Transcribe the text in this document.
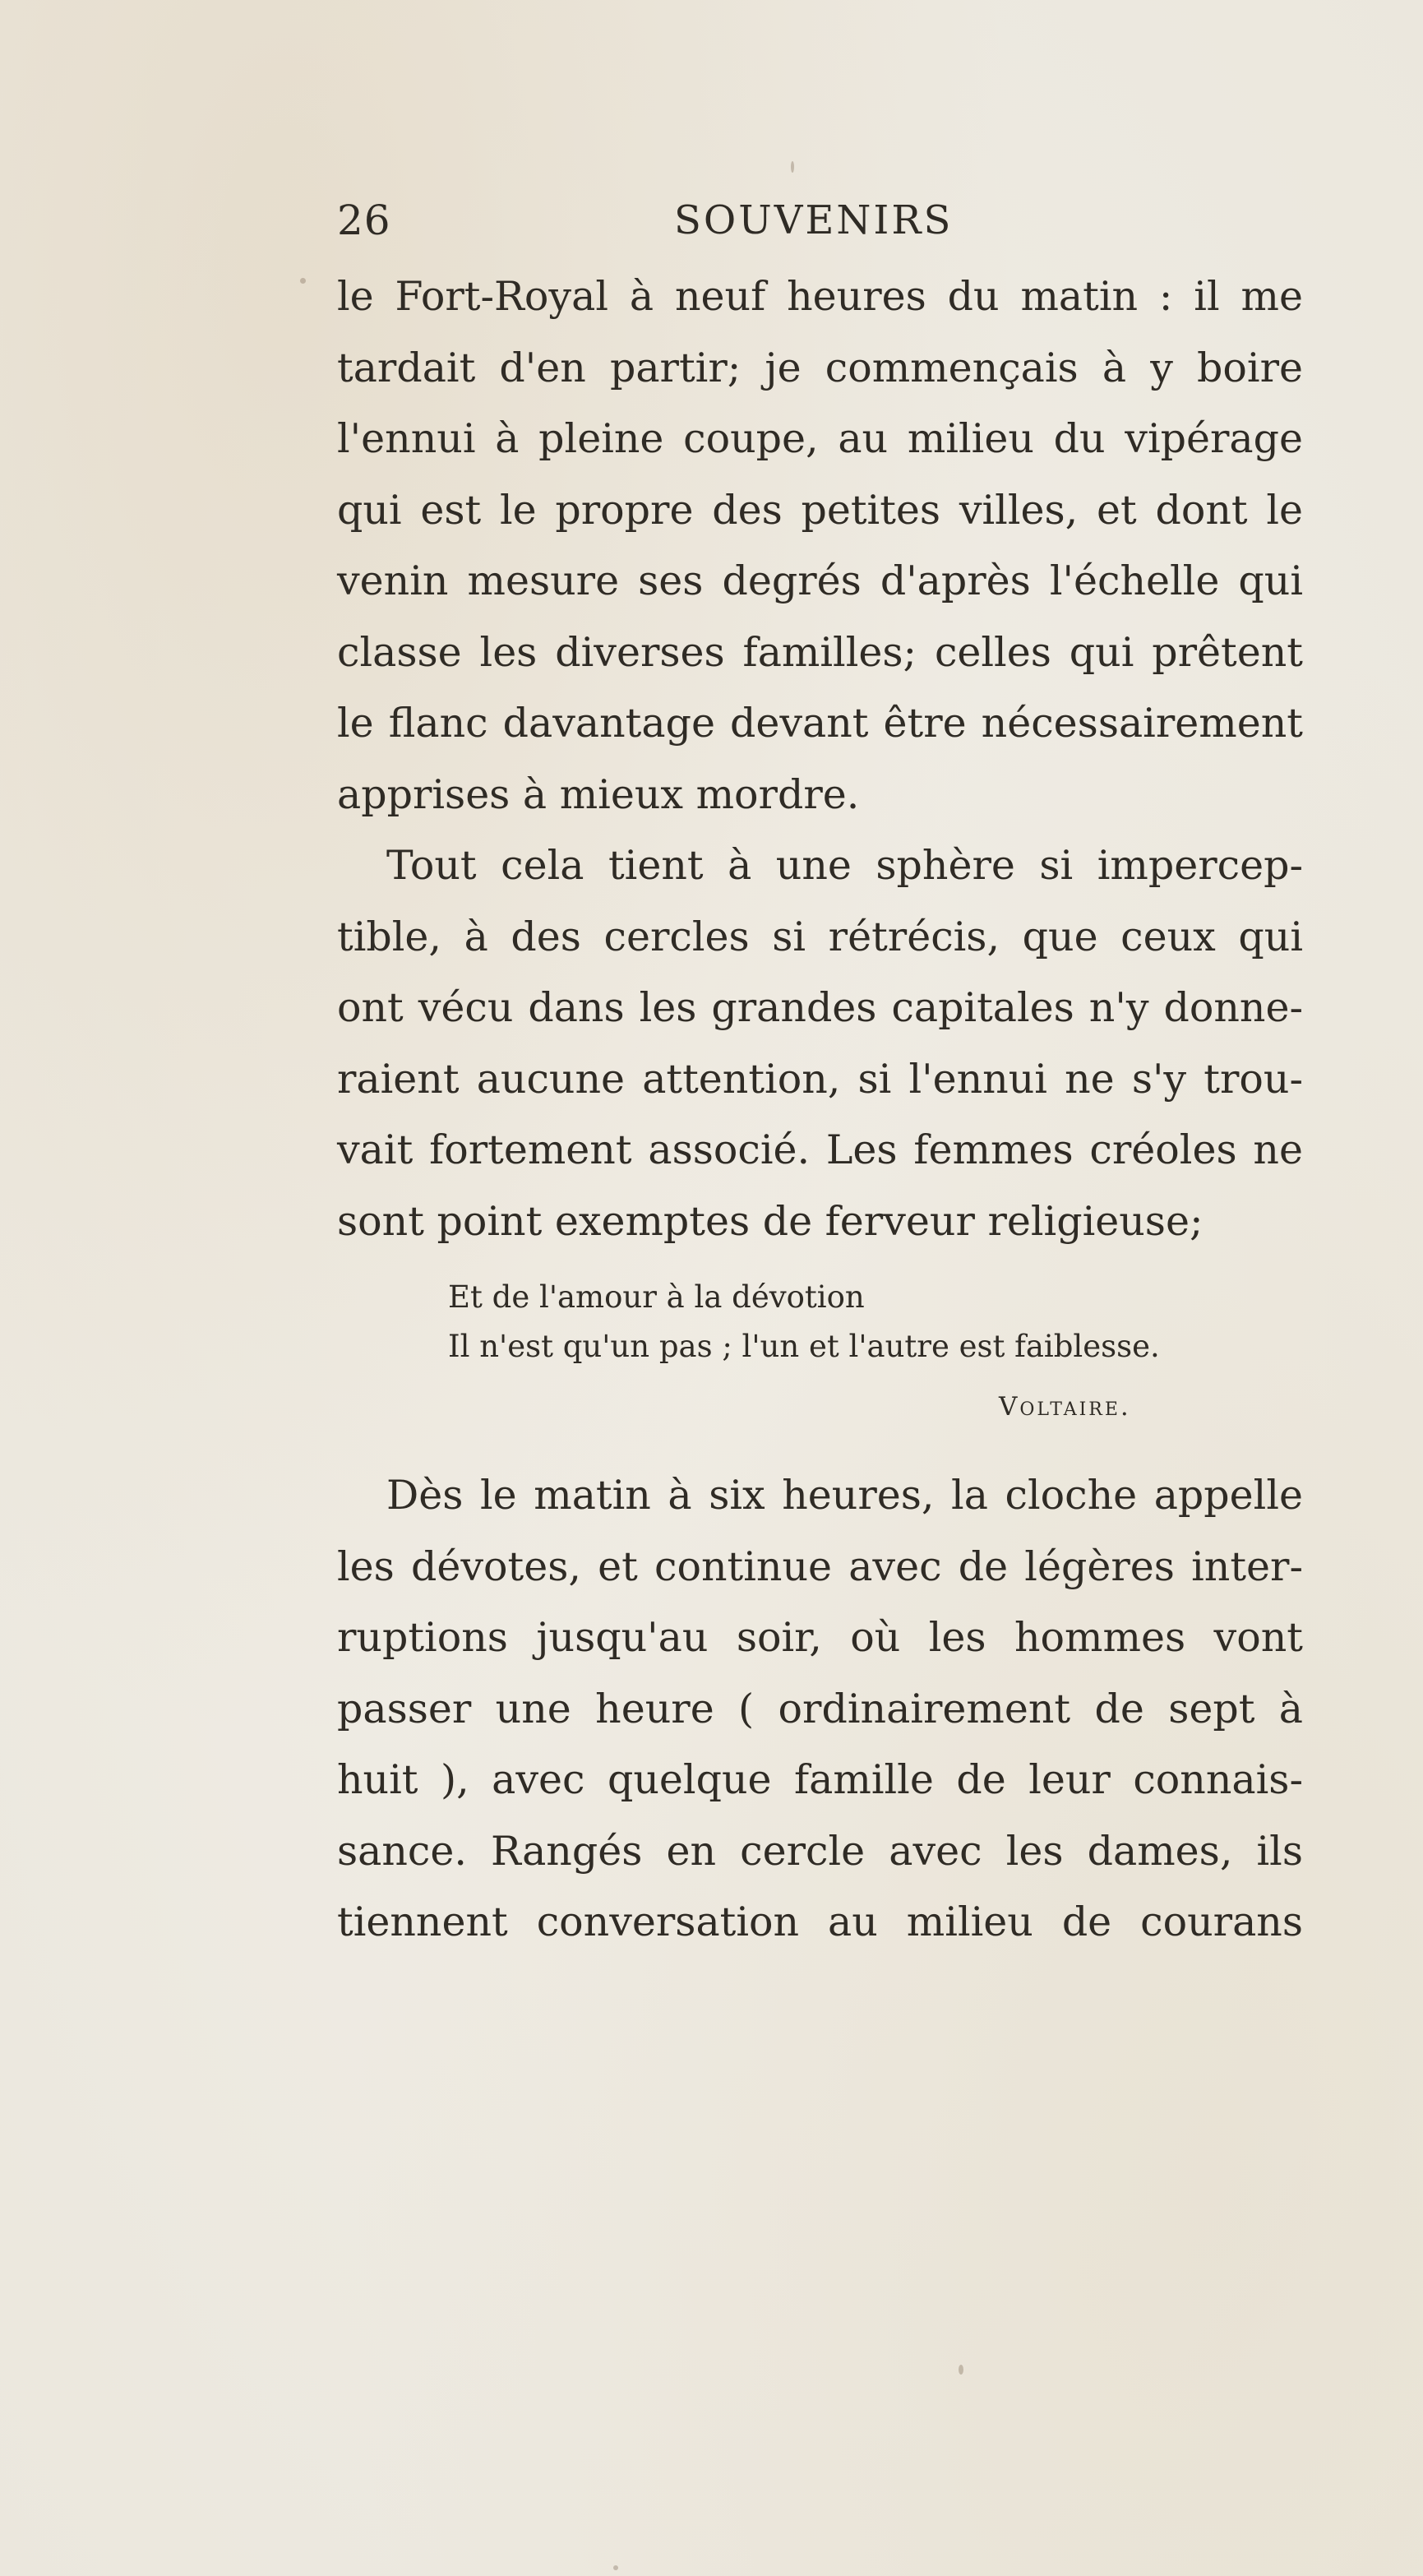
26	SOUVENIRS
le Fort-Royal à neuf heures du matin : il me
tardait d'en partir; je commençais à y boire
l'ennui à pleine coupe, au milieu du vipérage
qui est le propre des petites villes, et dont le
venin mesure ses degrés d'après l'échelle qui
classe les diverses familles; celles qui prêtent
le flanc davantage devant être nécessairement
apprises à mieux mordre.
Tout cela tient à une sphère si impercep-
tible, à des cercles si rétrécis, que ceux qui
ont vécu dans les grandes capitales n'y donne-
raient aucune attention, si l'ennui ne s'y trou-
vait fortement associé. Les femmes créoles ne
sont point exemptes de ferveur religieuse;
Et de l'amour à la dévotion
Il n'est qu'un pas ; l'un et l'autre est faiblesse.
Voltaire.
Dès le matin à six heures, la cloche appelle
les dévotes, et continue avec de légères inter-
ruptions jusqu'au soir, où les hommes vont
passer une heure ( ordinairement de sept à
huit ), avec quelque famille de leur connais-
sance. Rangés en cercle avec les dames, ils
tiennent conversation au milieu de courans
